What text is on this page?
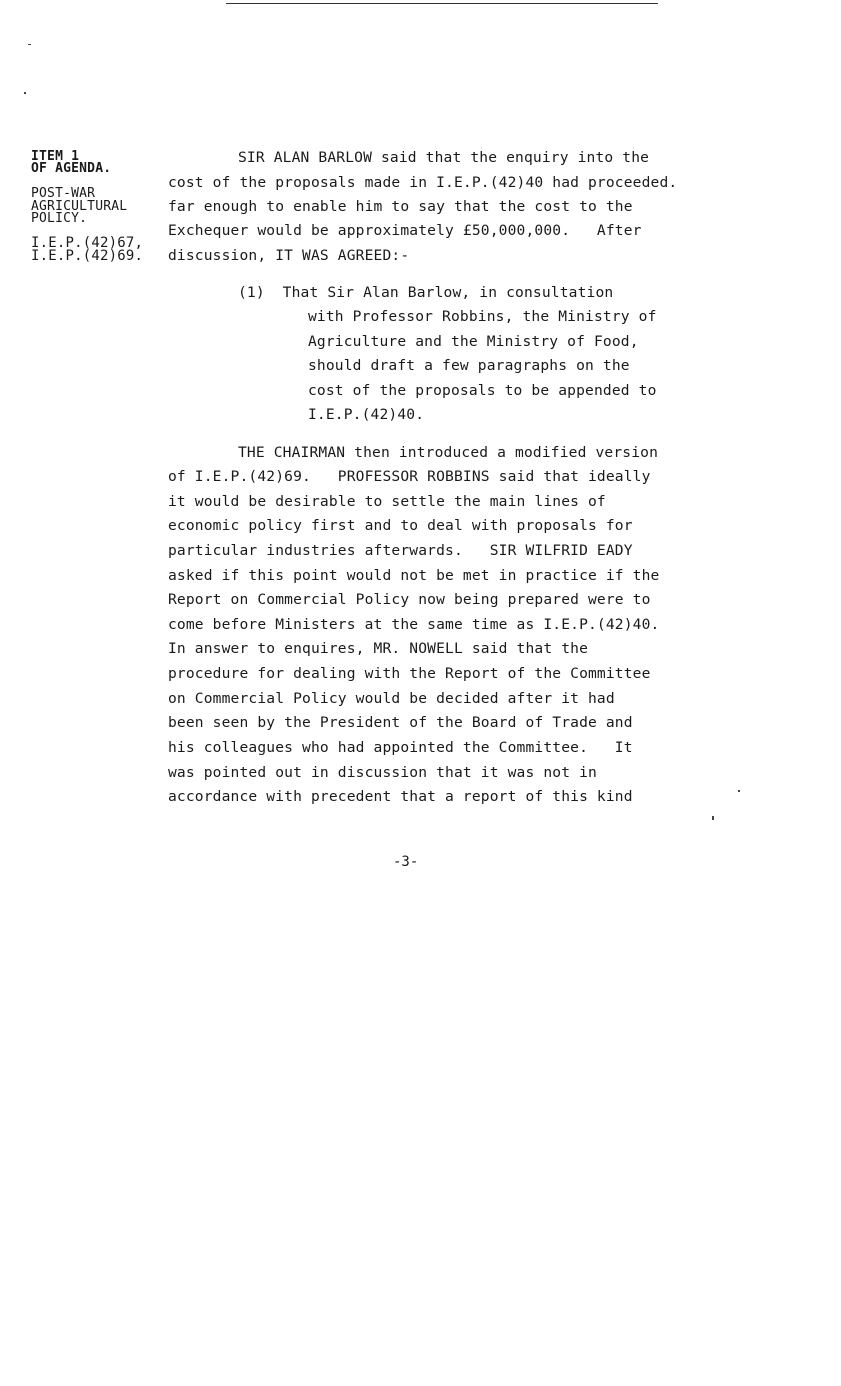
ITEM 1
OF AGENDA.
POST-WAR
AGRICULTURAL
POLICY.
I.E.P.(42)67,
I.E.P.(42)69.
SIR ALAN BARLOW said that the enquiry into the
cost of the proposals made in I.E.P.(42)40 had proceeded.
far enough to enable him to say that the cost to the
Exchequer would be approximately £50,000,000.   After
discussion, IT WAS AGREED:-
(1)  That Sir Alan Barlow, in consultation
with Professor Robbins, the Ministry of
Agriculture and the Ministry of Food,
should draft a few paragraphs on the
cost of the proposals to be appended to
I.E.P.(42)40.
THE CHAIRMAN then introduced a modified version
of I.E.P.(42)69.   PROFESSOR ROBBINS said that ideally
it would be desirable to settle the main lines of
economic policy first and to deal with proposals for
particular industries afterwards.   SIR WILFRID EADY
asked if this point would not be met in practice if the
Report on Commercial Policy now being prepared were to
come before Ministers at the same time as I.E.P.(42)40.
In answer to enquires, MR. NOWELL said that the
procedure for dealing with the Report of the Committee
on Commercial Policy would be decided after it had
been seen by the President of the Board of Trade and
his colleagues who had appointed the Committee.   It
was pointed out in discussion that it was not in
accordance with precedent that a report of this kind
-3-
